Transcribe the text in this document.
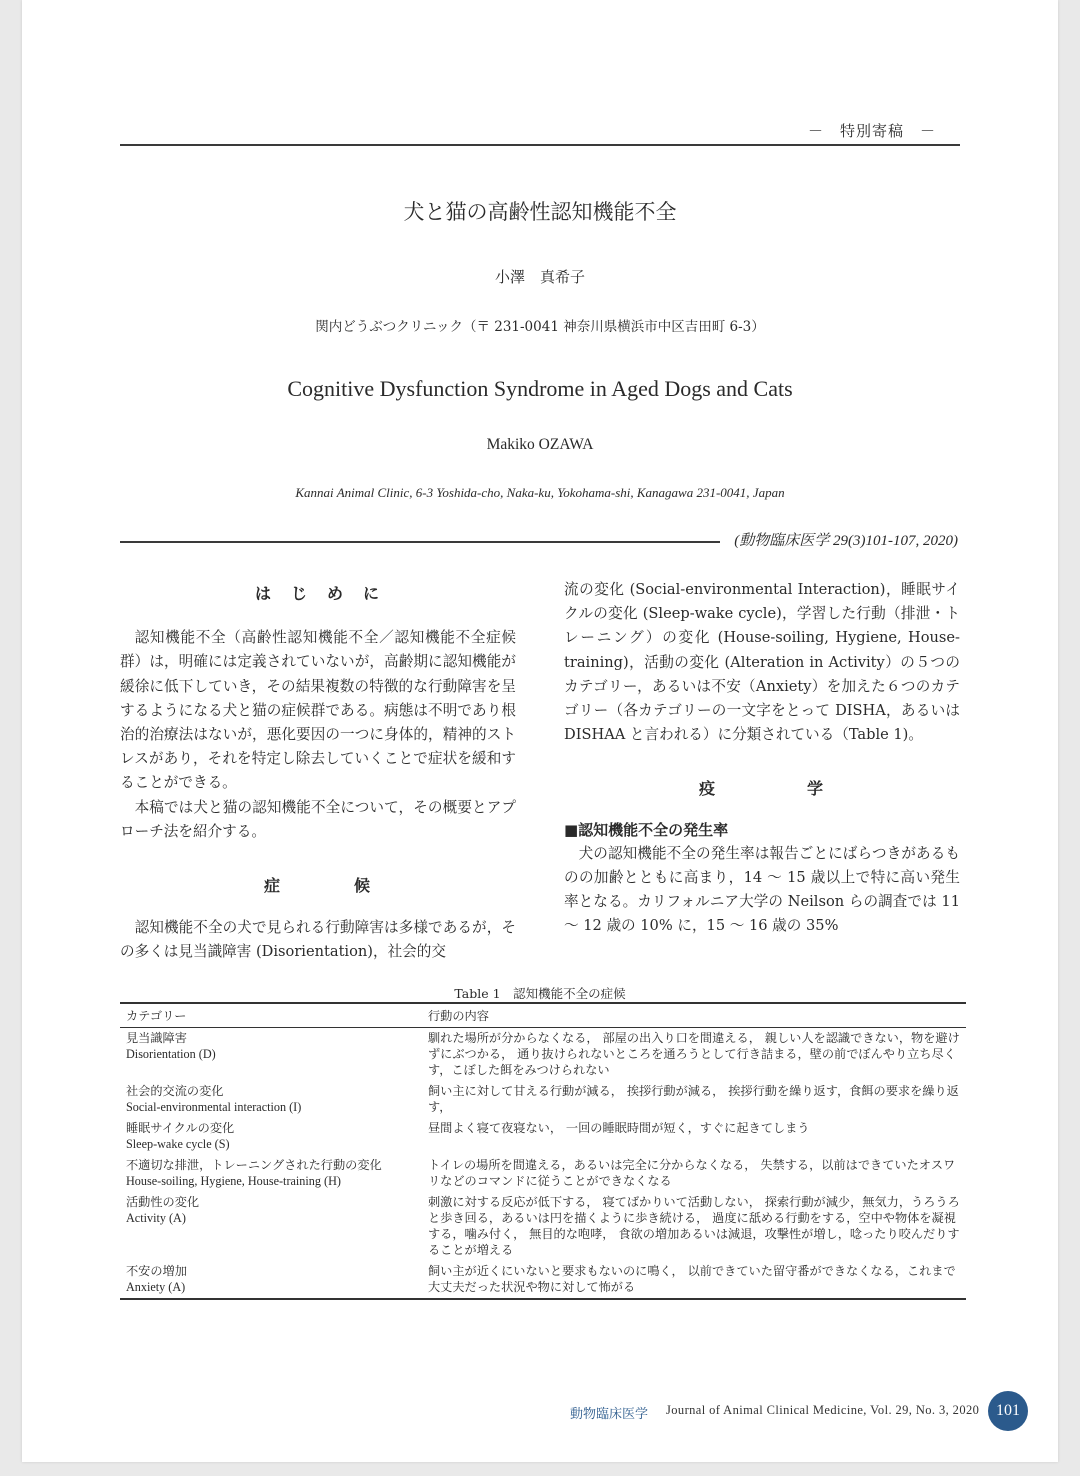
－　特別寄稿　－
犬と猫の高齢性認知機能不全
小澤　真希子
関内どうぶつクリニック（〒 231-0041 神奈川県横浜市中区吉田町 6-3）
Cognitive Dysfunction Syndrome in Aged Dogs and Cats
Makiko OZAWA
Kannai Animal Clinic, 6-3 Yoshida-cho, Naka-ku, Yokohama-shi, Kanagawa 231-0041, Japan
(動物臨床医学 29(3)101-107, 2020)
は　じ　め　に

認知機能不全（高齢性認知機能不全／認知機能不全症候群）は，明確には定義されていないが，高齢期に認知機能が緩徐に低下していき，その結果複数の特徴的な行動障害を呈するようになる犬と猫の症候群である。病態は不明であり根治的治療法はないが，悪化要因の一つに身体的，精神的ストレスがあり，それを特定し除去していくことで症状を緩和することができる。

本稿では犬と猫の認知機能不全について，その概要とアプローチ法を紹介する。

症　　　　候

認知機能不全の犬で見られる行動障害は多様であるが，その多くは見当識障害 (Disorientation)，社会的交

流の変化 (Social-environmental Interaction)，睡眠サイクルの変化 (Sleep-wake cycle)，学習した行動（排泄・トレーニング）の変化 (House-soiling, Hygiene, House-training)，活動の変化 (Alteration in Activity）の５つのカテゴリー，あるいは不安（Anxiety）を加えた６つのカテゴリー（各カテゴリーの一文字をとって DISHA，あるいは DISHAA と言われる）に分類されている（Table 1)。

疫　　　　　学
■認知機能不全の発生率

犬の認知機能不全の発生率は報告ごとにばらつきがあるものの加齢とともに高まり，14 ～ 15 歳以上で特に高い発生率となる。カリフォルニア大学の Neilson らの調査では 11 ～ 12 歳の 10% に，15 ～ 16 歳の 35%

Table 1　認知機能不全の症候
カテゴリー	行動の内容

見当識障害
Disorientation (D)	馴れた場所が分からなくなる， 部屋の出入り口を間違える， 親しい人を認識できない，物を避けずにぶつかる， 通り抜けられないところを通ろうとして行き詰まる，壁の前でぼんやり立ち尽くす，こぼした餌をみつけられない

社会的交流の変化
Social-environmental interaction (I)	飼い主に対して甘える行動が減る， 挨拶行動が減る， 挨拶行動を繰り返す，食餌の要求を繰り返す，

睡眠サイクルの変化
Sleep-wake cycle (S)	昼間よく寝て夜寝ない， 一回の睡眠時間が短く，すぐに起きてしまう

不適切な排泄，トレーニングされた行動の変化
House-soiling, Hygiene, House-training (H)	トイレの場所を間違える，あるいは完全に分からなくなる， 失禁する，以前はできていたオスワリなどのコマンドに従うことができなくなる

活動性の変化
Activity (A)	刺激に対する反応が低下する， 寝てばかりいて活動しない， 探索行動が減少，無気力，うろうろと歩き回る，あるいは円を描くように歩き続ける， 過度に舐める行動をする，空中や物体を凝視する，噛み付く， 無目的な咆哮， 食欲の増加あるいは減退，攻撃性が増し，唸ったり咬んだりすることが増える

不安の増加
Anxiety (A)	飼い主が近くにいないと要求もないのに鳴く， 以前できていた留守番ができなくなる，これまで大丈夫だった状況や物に対して怖がる
動物臨床医学 Journal of Animal Clinical Medicine, Vol. 29, No. 3, 2020	101
